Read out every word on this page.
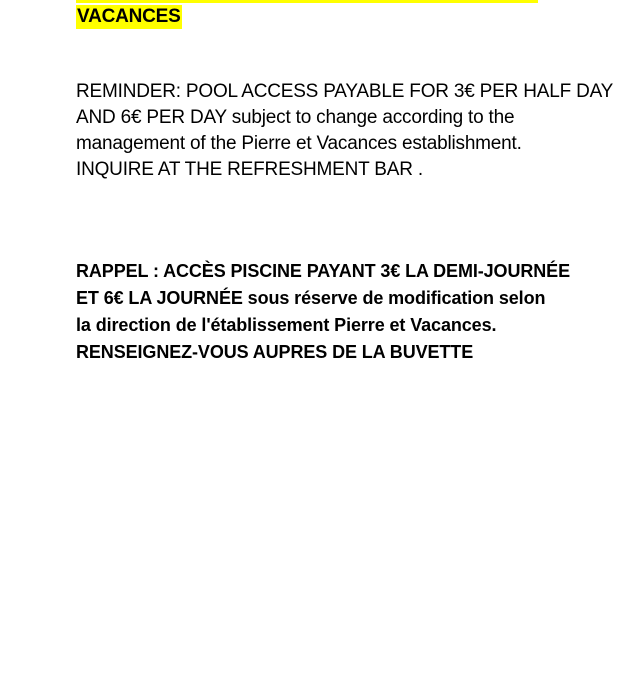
VACANCES
REMINDER: POOL ACCESS PAYABLE FOR 3€ PER HALF DAY
AND 6€ PER DAY subject to change according to the
management of the Pierre et Vacances establishment.
INQUIRE AT THE REFRESHMENT BAR .
RAPPEL : ACCÈS PISCINE PAYANT 3€ LA DEMI-JOURNÉE
ET 6€ LA JOURNÉE sous réserve de modification selon
la direction de l'établissement Pierre et Vacances.
RENSEIGNEZ-VOUS AUPRES DE LA BUVETTE
